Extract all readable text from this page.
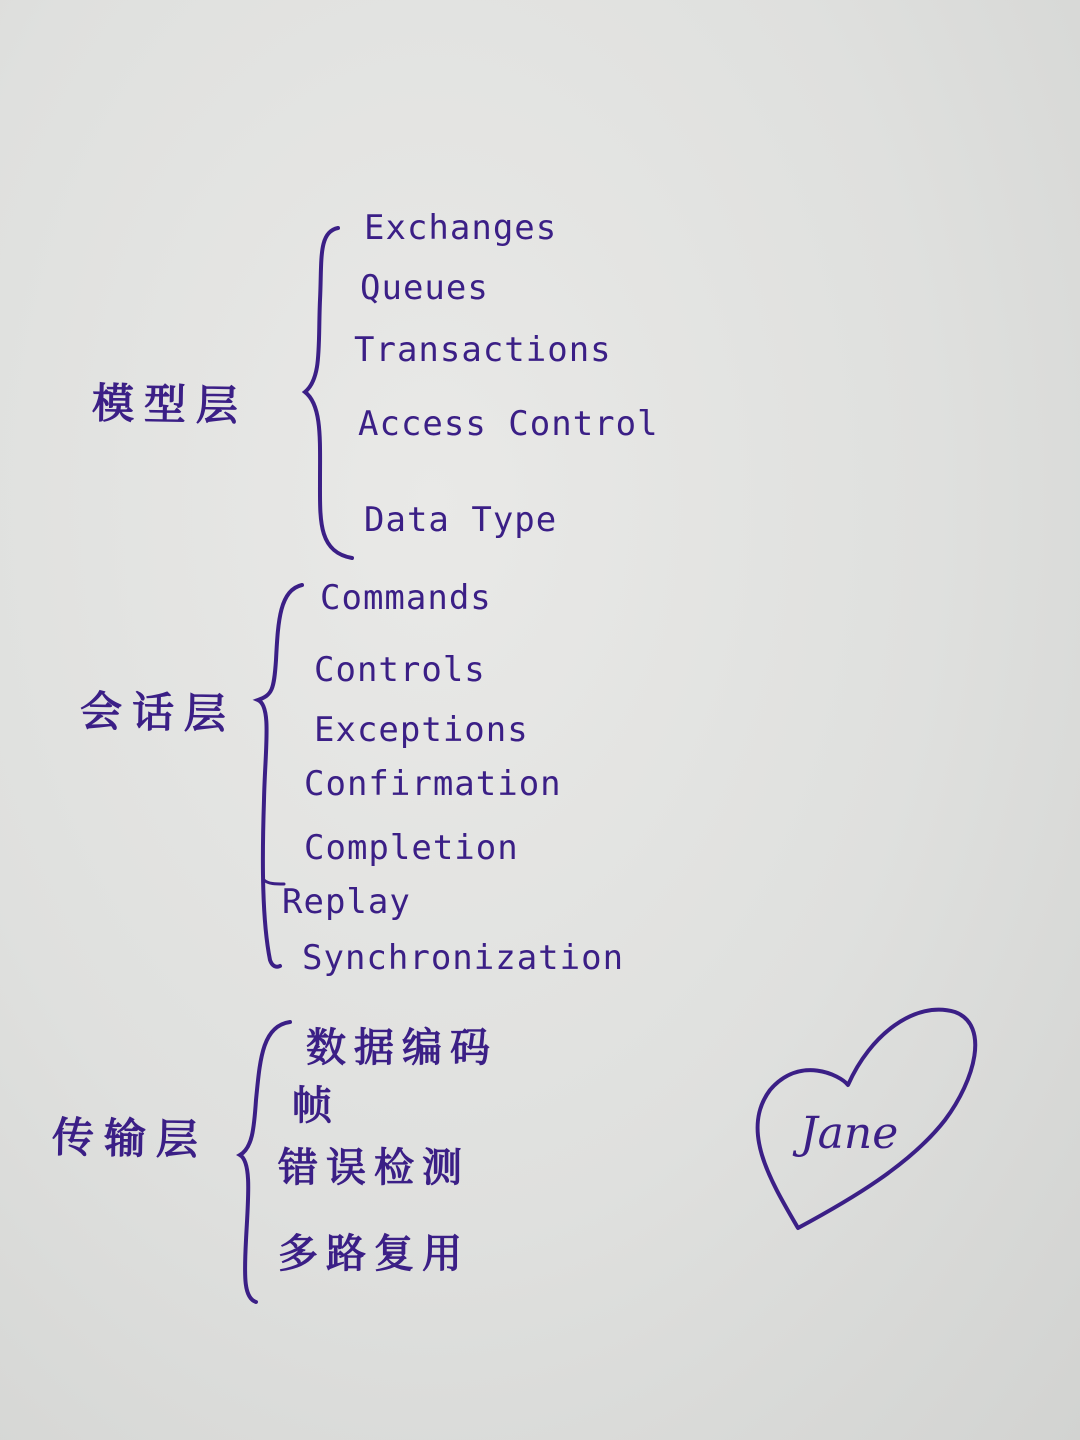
模型层
Exchanges
Queues
Transactions
Access Control
Data Type
会话层
Commands
Controls
Exceptions
Confirmation
Completion
Replay
Synchronization
传输层
数据编码
帧
错误检测
多路复用
Jane
